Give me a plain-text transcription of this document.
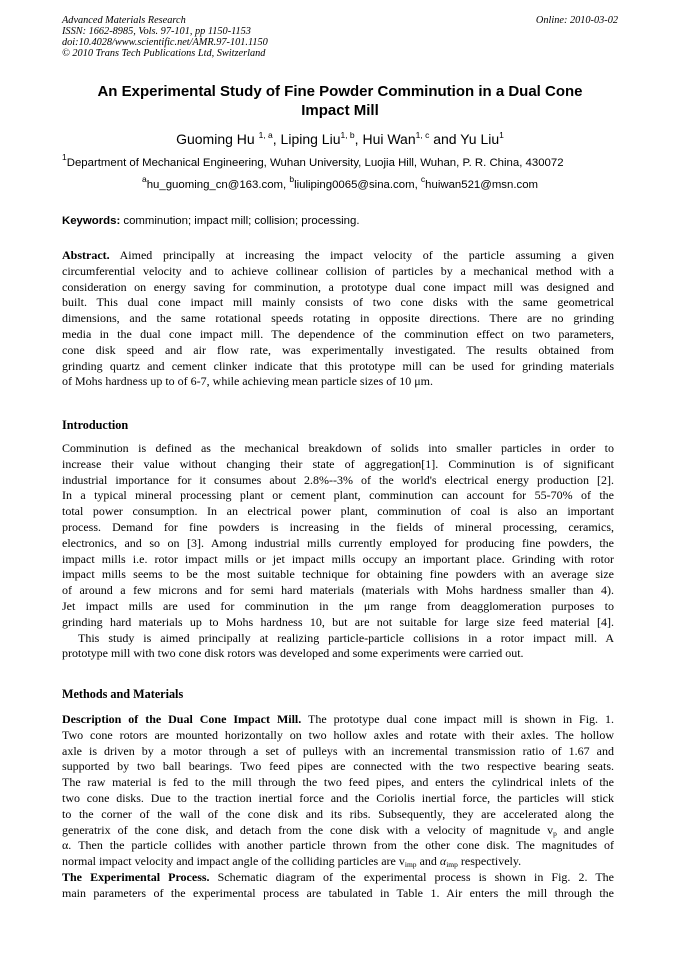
Advanced Materials Research
ISSN: 1662-8985, Vols. 97-101, pp 1150-1153
doi:10.4028/www.scientific.net/AMR.97-101.1150
© 2010 Trans Tech Publications Ltd, Switzerland
Online: 2010-03-02
An Experimental Study of Fine Powder Comminution in a Dual Cone
Impact Mill
Guoming Hu $^{1, a}$, Liping Liu$^{1, b}$, Hui Wan$^{1, c}$ and Yu Liu$^1$
$^1$Department of Mechanical Engineering, Wuhan University, Luojia Hill, Wuhan, P. R. China, 430072
$^a$hu_guoming_cn@163.com, $^b$liuliping0065@sina.com, $^c$huiwan521@msn.com
Keywords: comminution; impact mill; collision; processing.
Abstract. Aimed principally at increasing the impact velocity of the particle assuming a given
circumferential velocity and to achieve collinear collision of particles by a mechanical method with a
consideration on energy saving for comminution, a prototype dual cone impact mill was designed and
built. This dual cone impact mill mainly consists of two cone disks with the same geometrical
dimensions, and the same rotational speeds rotating in opposite directions. There are no grinding
media in the dual cone impact mill. The dependence of the comminution effect on two parameters,
cone disk speed and air flow rate, was experimentally investigated. The results obtained from
grinding quartz and cement clinker indicate that this prototype mill can be used for grinding materials
of Mohs hardness up to of 6-7, while achieving mean particle sizes of 10 μm.
Introduction
Comminution is defined as the mechanical breakdown of solids into smaller particles in order to
increase their value without changing their state of aggregation[1]. Comminution is of significant
industrial importance for it consumes about 2.8%--3% of the world's electrical energy production [2].
In a typical mineral processing plant or cement plant, comminution can account for 55-70% of the
total power consumption. In an electrical power plant, comminution of coal is also an important
process. Demand for fine powders is increasing in the fields of mineral processing, ceramics,
electronics, and so on [3]. Among industrial mills currently employed for producing fine powders, the
impact mills i.e. rotor impact mills or jet impact mills occupy an important place. Grinding with rotor
impact mills seems to be the most suitable technique for obtaining fine powders with an average size
of around a few microns and for semi hard materials (materials with Mohs hardness smaller than 4).
Jet impact mills are used for comminution in the μm range from deagglomeration purposes to
grinding hard materials up to Mohs hardness 10, but are not suitable for large size feed material [4].
This study is aimed principally at realizing particle-particle collisions in a rotor impact mill. A
prototype mill with two cone disk rotors was developed and some experiments were carried out.
Methods and Materials
Description of the Dual Cone Impact Mill. The prototype dual cone impact mill is shown in Fig. 1.
Two cone rotors are mounted horizontally on two hollow axles and rotate with their axles. The hollow
axle is driven by a motor through a set of pulleys with an incremental transmission ratio of 1.67 and
supported by two ball bearings. Two feed pipes are connected with the two respective bearing seats.
The raw material is fed to the mill through the two feed pipes, and enters the cylindrical inlets of the
two cone disks. Due to the traction inertial force and the Coriolis inertial force, the particles will stick
to the corner of the wall of the cone disk and its ribs. Subsequently, they are accelerated along the
generatrix of the cone disk, and detach from the cone disk with a velocity of magnitude $v_p$ and angle
α. Then the particle collides with another particle thrown from the other cone disk. The magnitudes of
normal impact velocity and impact angle of the colliding particles are $v_{imp}$ and $\alpha_{imp}$ respectively.
The Experimental Process. Schematic diagram of the experimental process is shown in Fig. 2. The
main parameters of the experimental process are tabulated in Table 1. Air enters the mill through the
